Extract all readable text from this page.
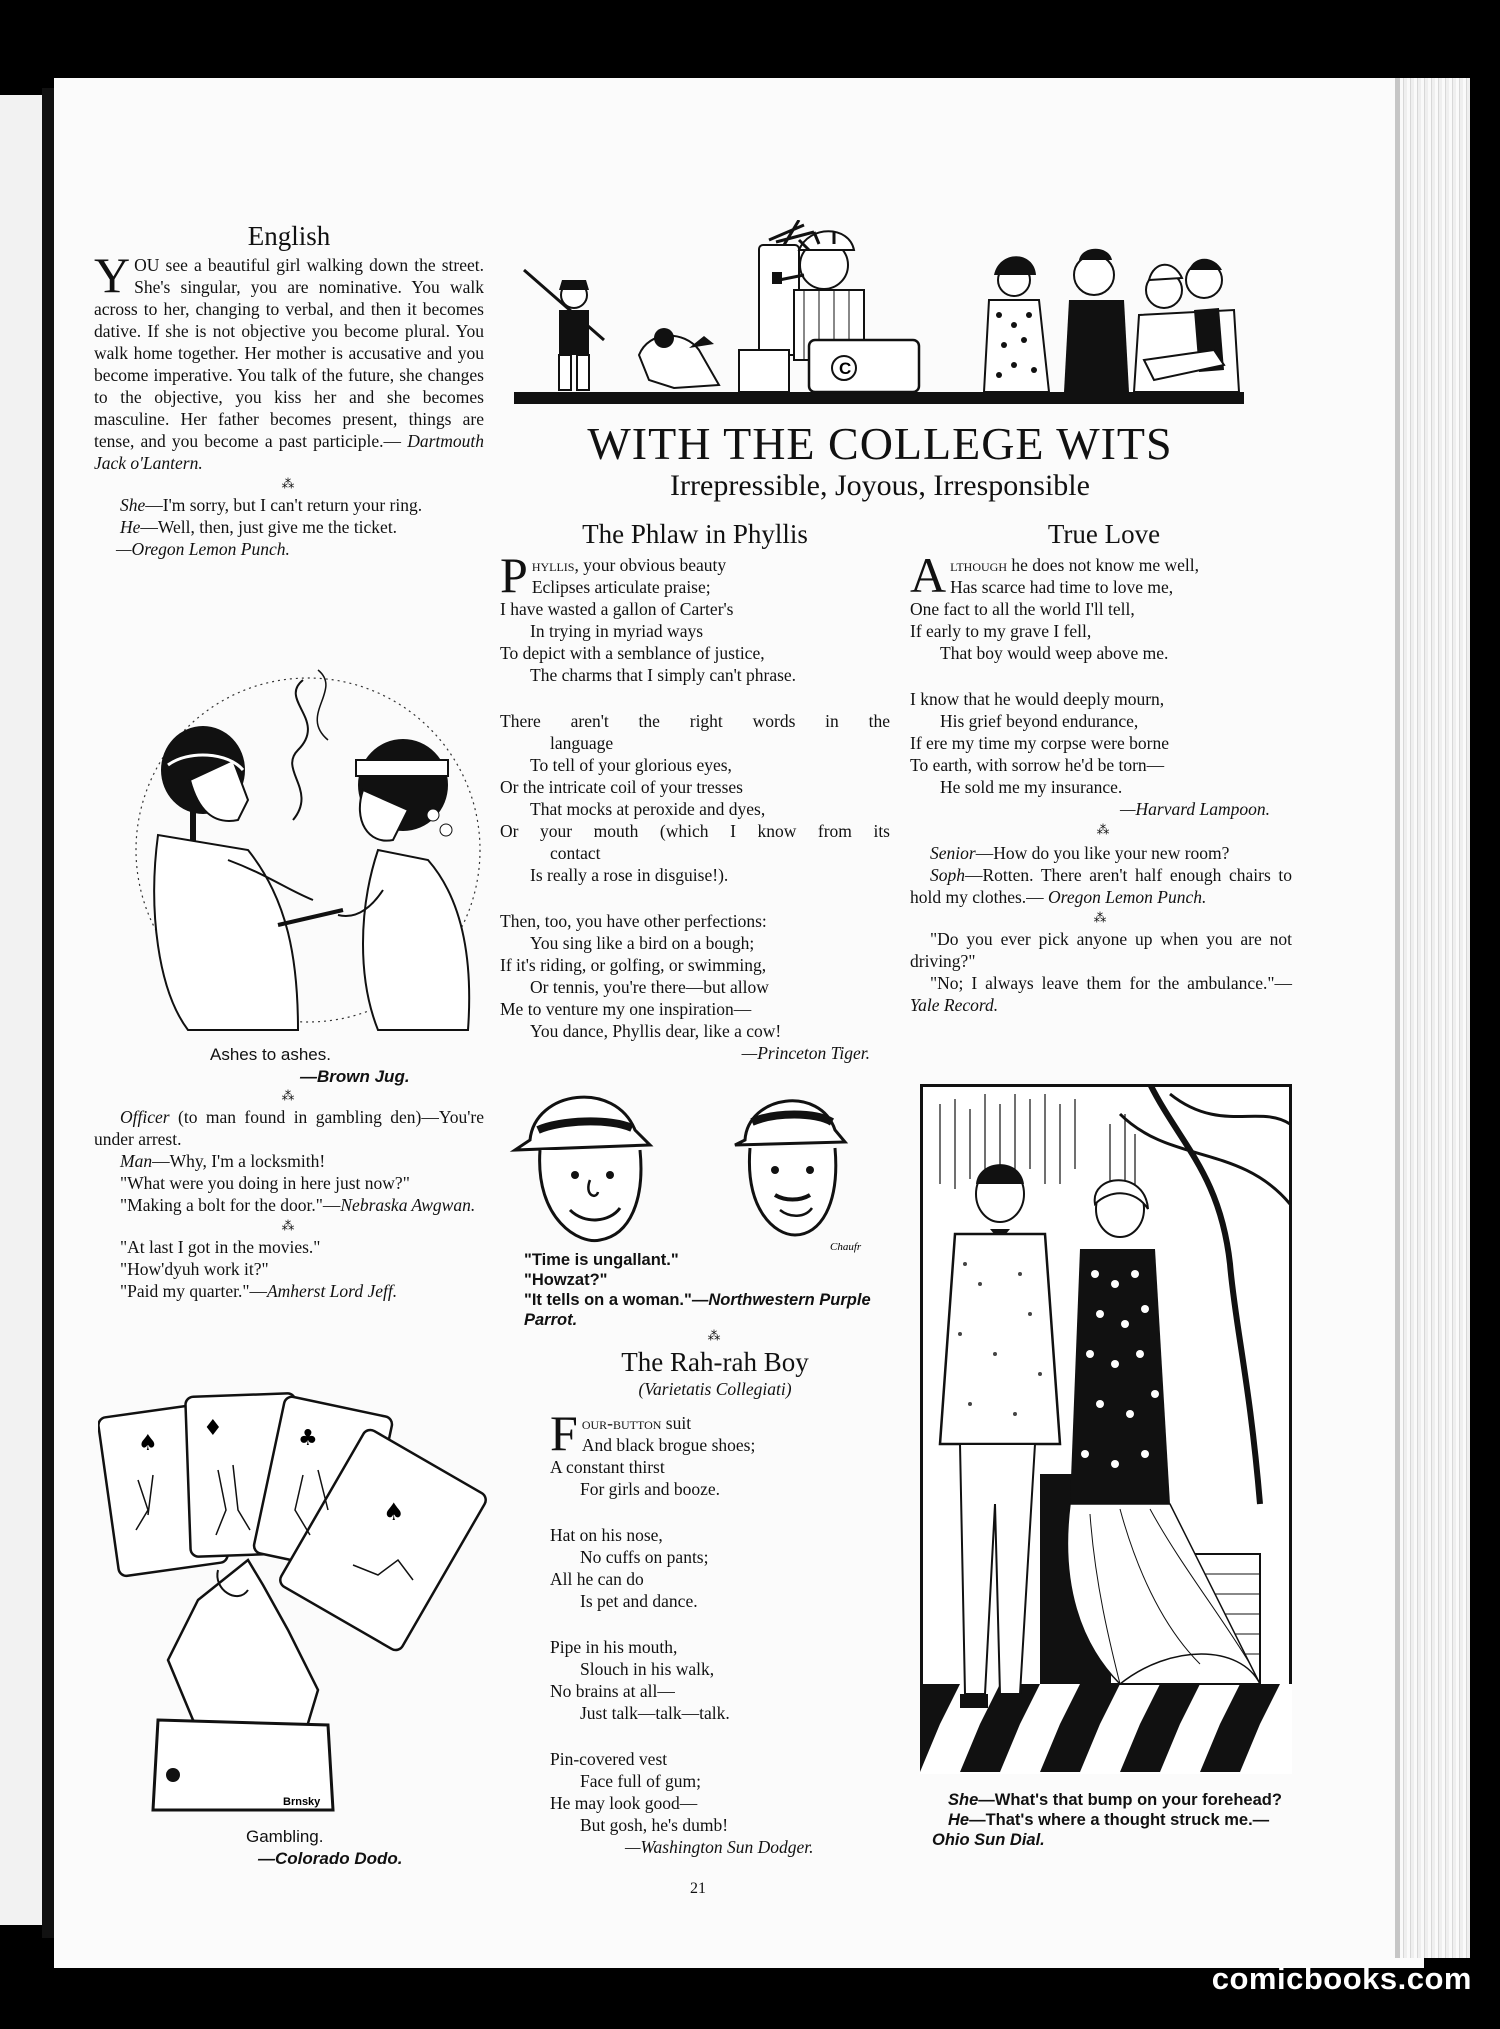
English

YOU see a beautiful girl walking down the street. She's singular, you are nominative. You walk across to her, changing to verbal, and then it becomes dative. If she is not objective you become plural. You walk home together. Her mother is accusative and you become imperative. You talk of the future, she changes to the objective, you kiss her and she becomes masculine. Her father becomes present, things are tense, and you become a past participle.— Dartmouth Jack o'Lantern.

⁂

She—I'm sorry, but I can't return your ring.

He—Well, then, just give me the ticket.

—Oregon Lemon Punch.

Ashes to ashes.
—Brown Jug.
⁂

Officer (to man found in gambling den)—You're under arrest.

Man—Why, I'm a locksmith!

"What were you doing in here just now?"

"Making a bolt for the door."—Nebraska Awgwan.

⁂

"At last I got in the movies."

"How'dyuh work it?"

"Paid my quarter."—Amherst Lord Jeff.

♠
♦	♣
♠
Brnsky
Gambling.
—Colorado Dodo.
C
WITH THE COLLEGE WITS
Irrepressible, Joyous, Irresponsible
The Phlaw in Phyllis
Phyllis, your obvious beauty
Eclipses articulate praise;
I have wasted a gallon of Carter's
In trying in myriad ways
To depict with a semblance of justice,
The charms that I simply can't phrase.
There aren't the right words in the
language
To tell of your glorious eyes,
Or the intricate coil of your tresses
That mocks at peroxide and dyes,
Or your mouth (which I know from its
contact
Is really a rose in disguise!).
Then, too, you have other perfections:
You sing like a bird on a bough;
If it's riding, or golfing, or swimming,
Or tennis, you're there—but allow
Me to venture my one inspiration—
You dance, Phyllis dear, like a cow!
—Princeton Tiger.
Chaufr
"Time is ungallant."
"Howzat?"
"It tells on a woman."—Northwestern Purple Parrot.
⁂
The Rah-rah Boy
(Varietatis Collegiati)
Four-button suit
And black brogue shoes;
A constant thirst
For girls and booze.
Hat on his nose,
No cuffs on pants;
All he can do
Is pet and dance.
Pipe in his mouth,
Slouch in his walk,
No brains at all—
Just talk—talk—talk.
Pin-covered vest
Face full of gum;
He may look good—
But gosh, he's dumb!
—Washington Sun Dodger.
True Love
Although he does not know me well,
Has scarce had time to love me,
One fact to all the world I'll tell,
If early to my grave I fell,
That boy would weep above me.
I know that he would deeply mourn,
His grief beyond endurance,
If ere my time my corpse were borne
To earth, with sorrow he'd be torn—
He sold me my insurance.
—Harvard Lampoon.
⁂

Senior—How do you like your new room?

Soph—Rotten. There aren't half enough chairs to hold my clothes.— Oregon Lemon Punch.

⁂

"Do you ever pick anyone up when you are not driving?"

"No; I always leave them for the ambulance."—Yale Record.

She—What's that bump on your forehead?
He—That's where a thought struck me.—Ohio Sun Dial.
21
comicbooks.com
